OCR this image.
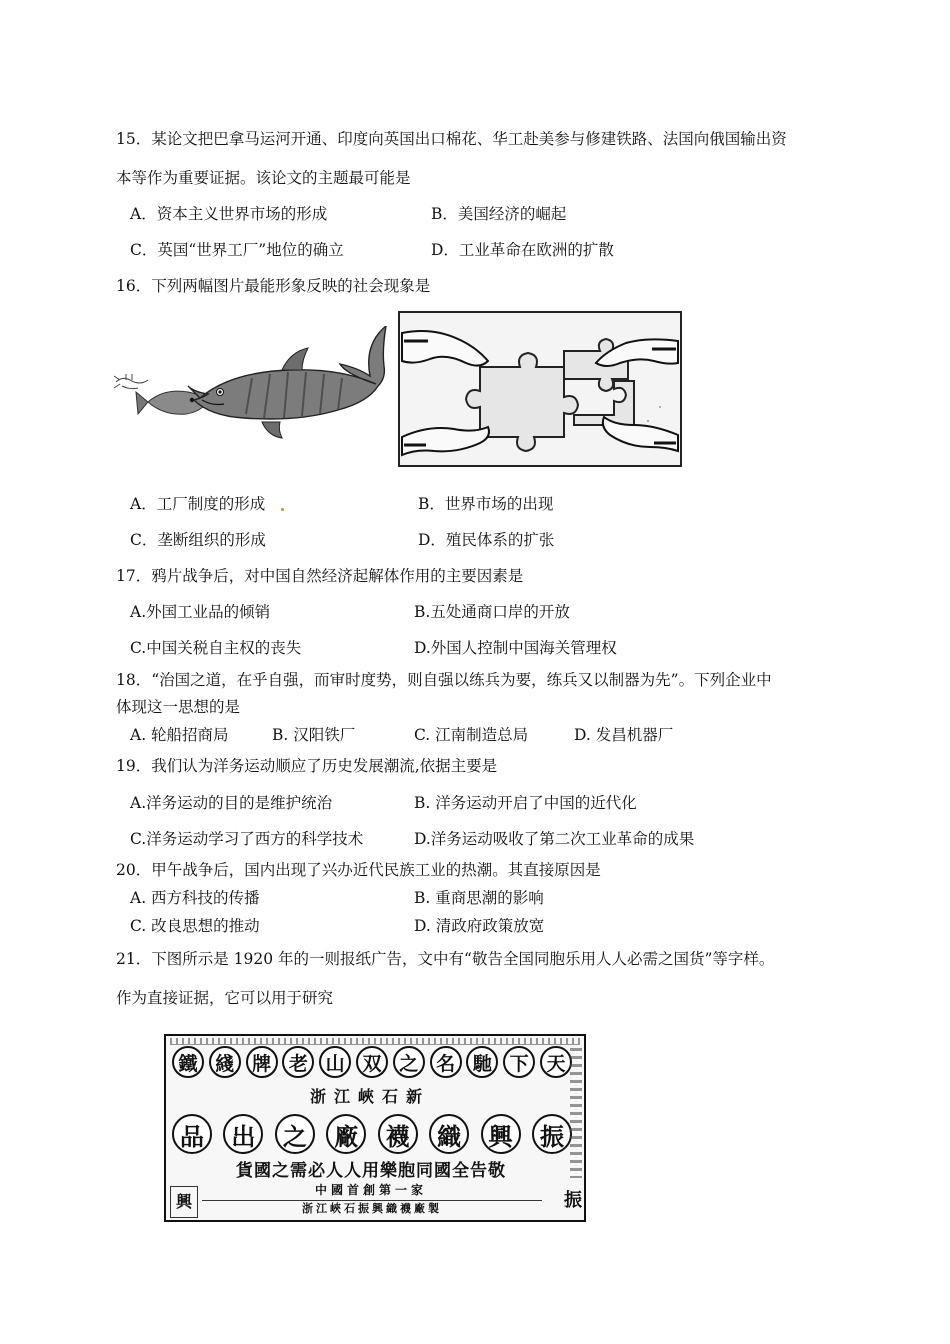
15．某论文把巴拿马运河开通、印度向英国出口棉花、华工赴美参与修建铁路、法国向俄国输出资
本等作为重要证据。该论文的主题最可能是
A．资本主义世界市场的形成	B．美国经济的崛起
C．英国“世界工厂”地位的确立	D．工业革命在欧洲的扩散
16．下列两幅图片最能形象反映的社会现象是
A．工厂制度的形成	B．世界市场的出现
C．垄断组织的形成	D．殖民体系的扩张
17．鸦片战争后，对中国自然经济起解体作用的主要因素是
A.外国工业品的倾销	B.五处通商口岸的开放
C.中国关税自主权的丧失	D.外国人控制中国海关管理权
18．“治国之道，在乎自强，而审时度势，则自强以练兵为要，练兵又以制器为先”。下列企业中
体现这一思想的是
A. 轮船招商局	B. 汉阳铁厂	C. 江南制造总局	D. 发昌机器厂
19．我们认为洋务运动顺应了历史发展潮流,依据主要是
A.洋务运动的目的是维护统治	B. 洋务运动开启了中国的近代化
C.洋务运动学习了西方的科学技术	D.洋务运动吸收了第二次工业革命的成果
20．甲午战争后，国内出现了兴办近代民族工业的热潮。其直接原因是
A. 西方科技的传播	B. 重商思潮的影响
C. 改良思想的推动	D. 清政府政策放宽
21．下图所示是 1920 年的一则报纸广告，文中有“敬告全国同胞乐用人人必需之国货”等字样。
作为直接证据，它可以用于研究
鐵 綫 牌 老 山 双 之 名 馳 下 天
浙江峽石新
品	出	之	廠	襪	織	興	振
貨國之需必人人用樂胞同國全告敬
中國首創第一家
浙江峽石振興織襪廠製
興	振
